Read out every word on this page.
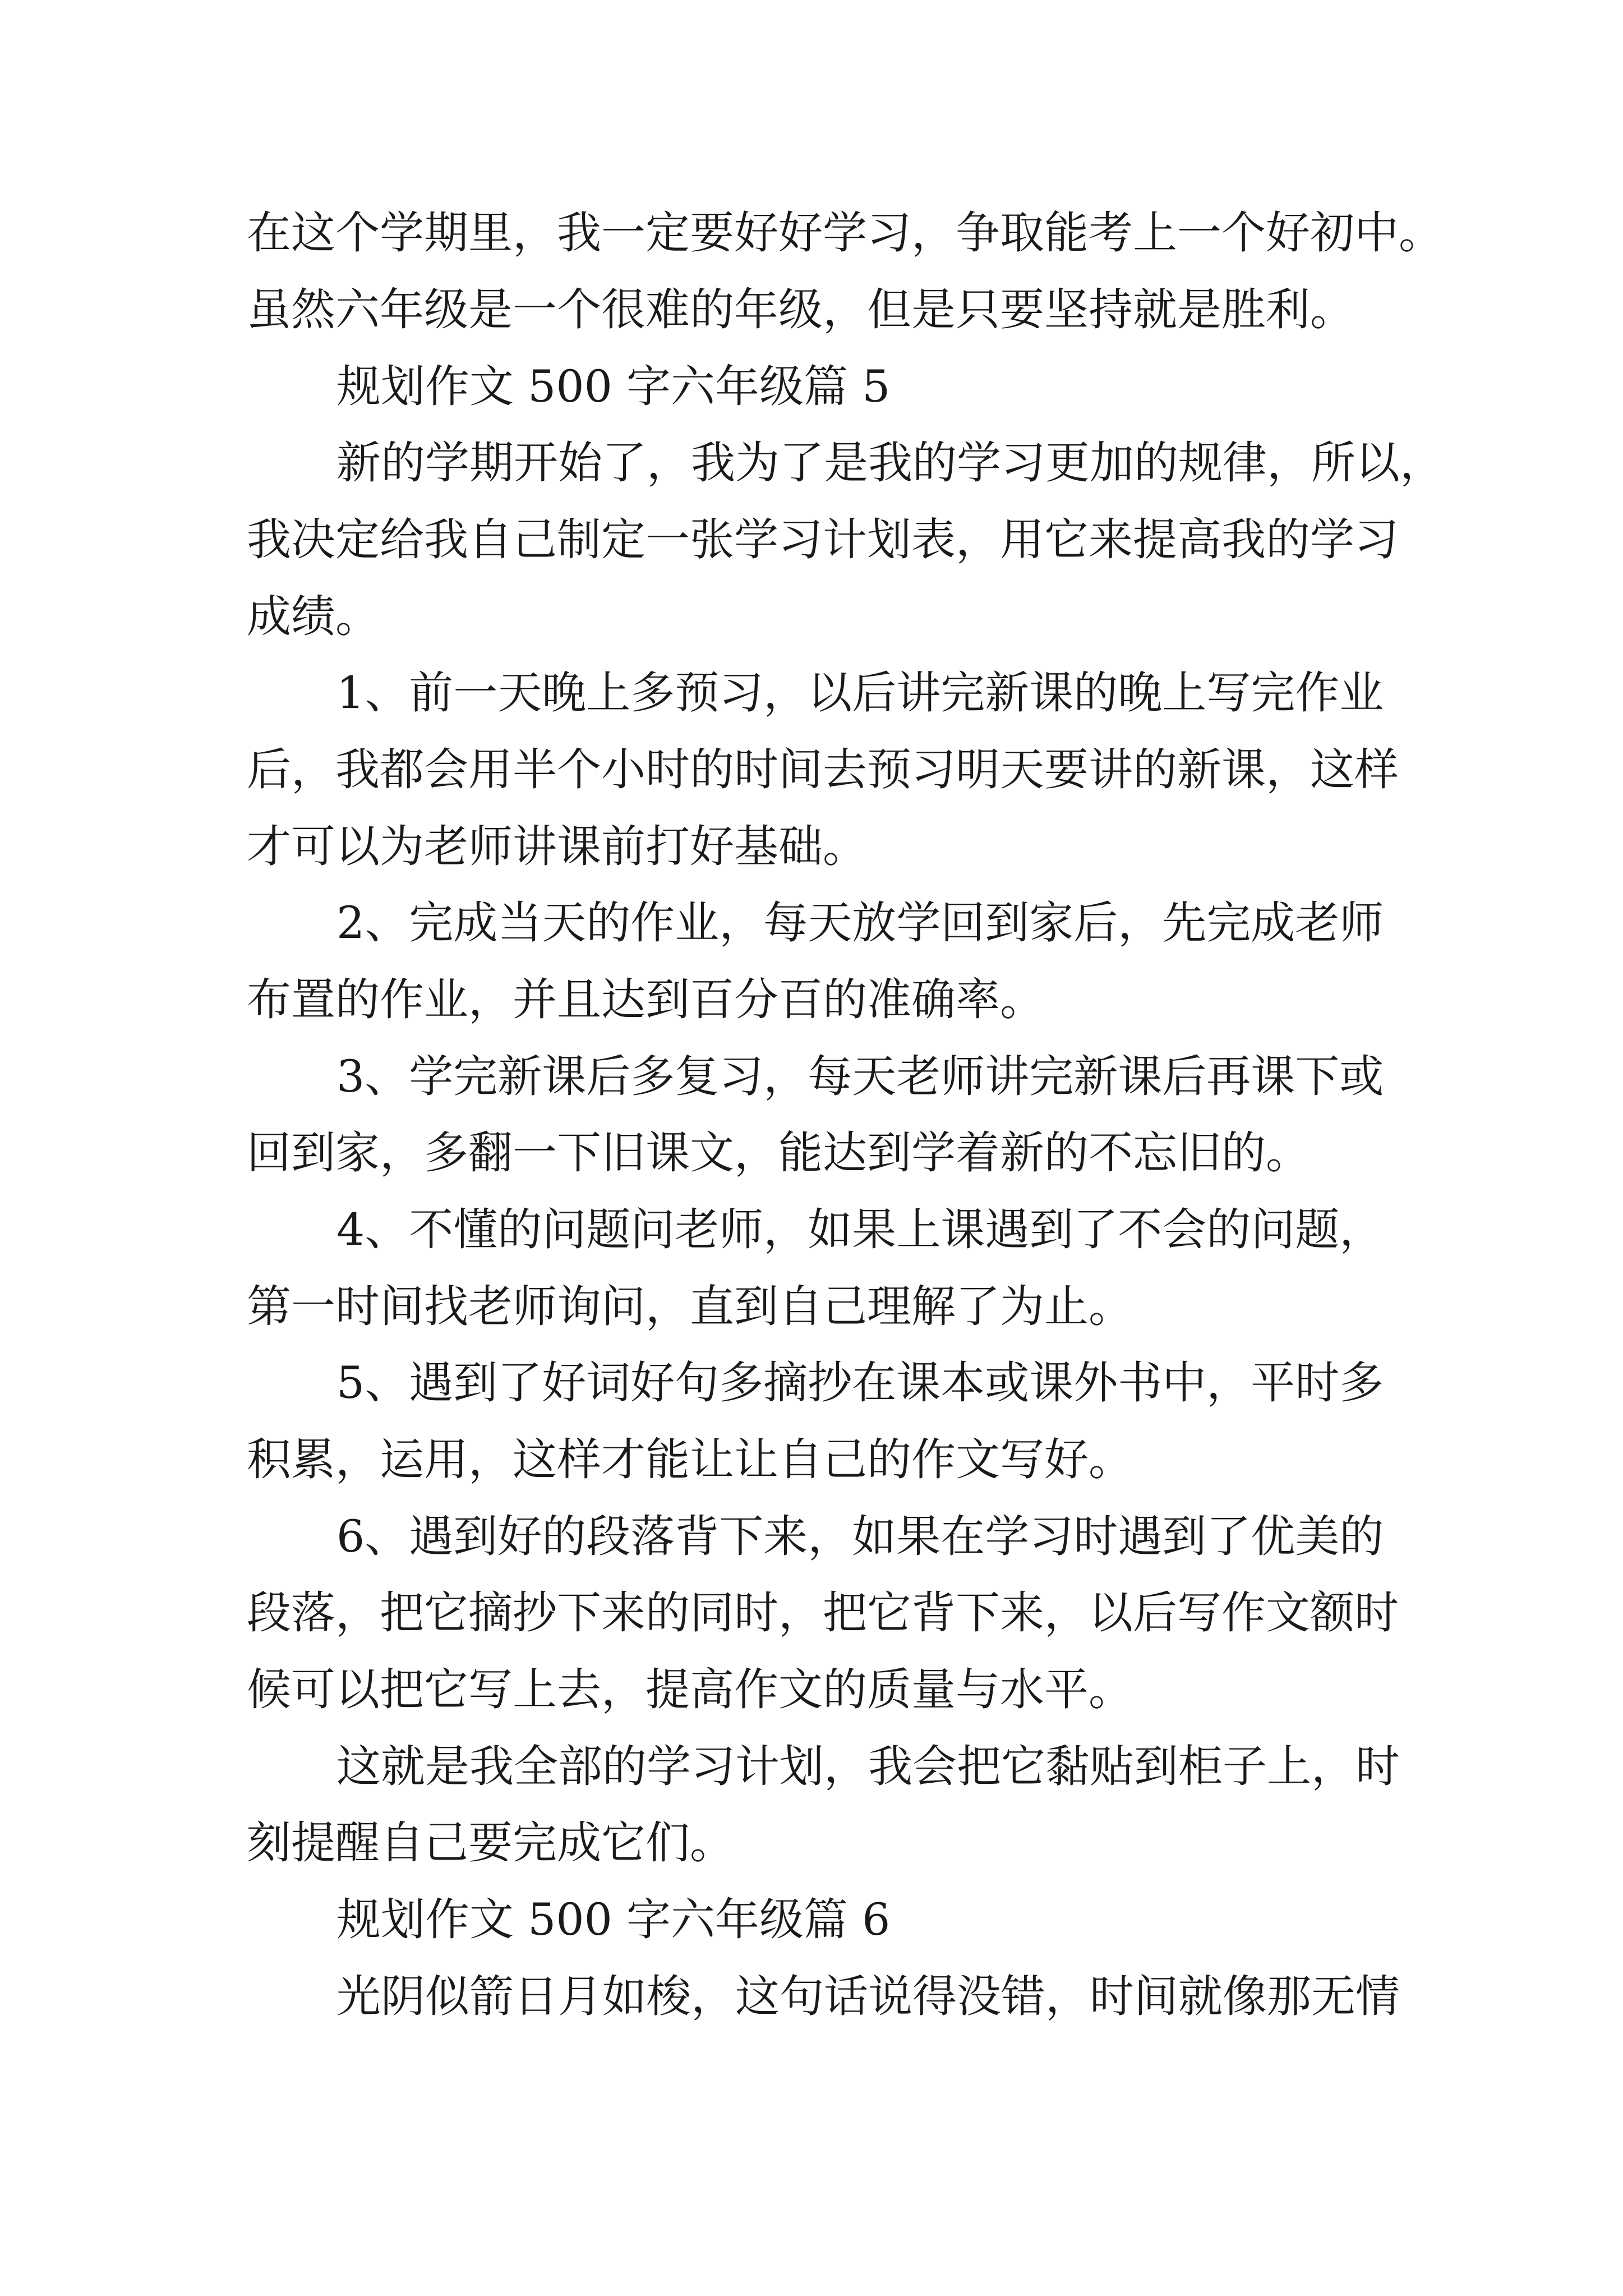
在这个学期里，我一定要好好学习，争取能考上一个好初中。
虽然六年级是一个很难的年级，但是只要坚持就是胜利。
规划作文 500 字六年级篇 5
新的学期开始了，我为了是我的学习更加的规律，所以，
我决定给我自己制定一张学习计划表，用它来提高我的学习
成绩。
1、前一天晚上多预习，以后讲完新课的晚上写完作业
后，我都会用半个小时的时间去预习明天要讲的新课，这样
才可以为老师讲课前打好基础。
2、完成当天的作业，每天放学回到家后，先完成老师
布置的作业，并且达到百分百的准确率。
3、学完新课后多复习，每天老师讲完新课后再课下或
回到家，多翻一下旧课文，能达到学着新的不忘旧的。
4、不懂的问题问老师，如果上课遇到了不会的问题，
第一时间找老师询问，直到自己理解了为止。
5、遇到了好词好句多摘抄在课本或课外书中，平时多
积累，运用，这样才能让让自己的作文写好。
6、遇到好的段落背下来，如果在学习时遇到了优美的
段落，把它摘抄下来的同时，把它背下来，以后写作文额时
候可以把它写上去，提高作文的质量与水平。
这就是我全部的学习计划，我会把它黏贴到柜子上，时
刻提醒自己要完成它们。
规划作文 500 字六年级篇 6
光阴似箭日月如梭，这句话说得没错，时间就像那无情
